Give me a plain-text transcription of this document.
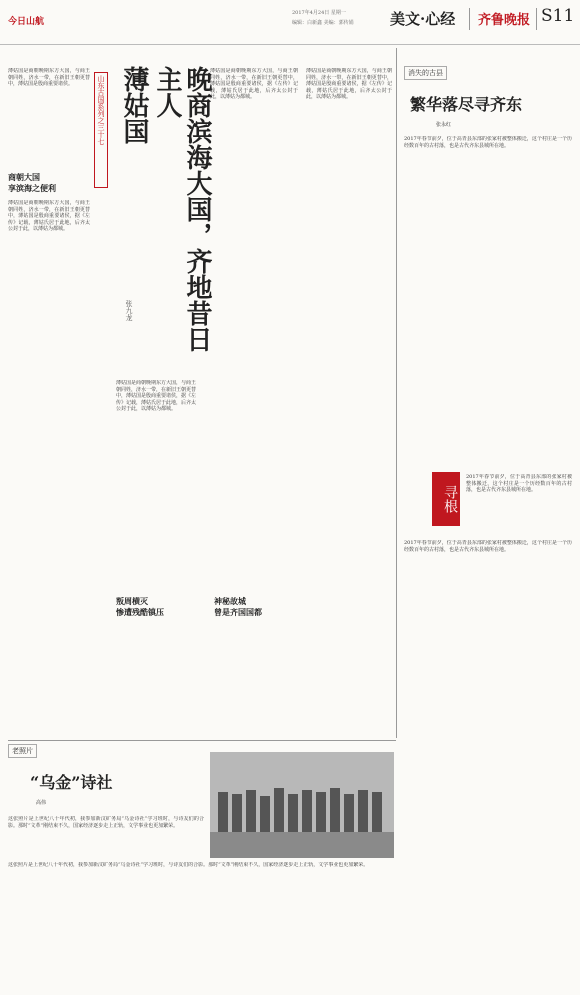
今日山航
2017年4月24日 星期一
编辑：白新鑫 美编：郭传娟 美文·心经 齐鲁晚报 S11
山东古国系列之三十七	晚商滨海大国，齐地昔日主人
薄姑国
张九龙
薄姑国是商朝晚期东方大国，与商王朝同姓，济水一带，在新旧王朝更替中，薄姑国是殷商重要诸侯。
商朝大国
享滨海之便利
薄姑国是商朝晚期东方大国，与商王朝同姓，济水一带，在新旧王朝更替中，薄姑国是殷商重要诸侯，据《左传》记载，薄姑氏居于此地，后齐太公封于此，以薄姑为都城。
薄姑国是商朝晚期东方大国，与商王朝同姓，济水一带，在新旧王朝更替中，薄姑国是殷商重要诸侯，据《左传》记载，薄姑氏居于此地，后齐太公封于此，以薄姑为都城。
叛周横灭
惨遭残酷镇压
薄姑国是商朝晚期东方大国，与商王朝同姓，济水一带，在新旧王朝更替中，薄姑国是殷商重要诸侯，据《左传》记载，薄姑氏居于此地，后齐太公封于此，以薄姑为都城。
神秘故城
曾是齐国国都
薄姑国是商朝晚期东方大国，与商王朝同姓，济水一带，在新旧王朝更替中，薄姑国是殷商重要诸侯，据《左传》记载，薄姑氏居于此地，后齐太公封于此，以薄姑为都城。
消失的古县
繁华落尽寻齐东
张永红
2017年春节前夕，位于高青县东部的张家村被整体搬迁，这个村庄是一个历经数百年的古村落，也是古代齐东县城所在地。
寻根
2017年春节前夕，位于高青县东部的张家村被整体搬迁，这个村庄是一个历经数百年的古村落，也是古代齐东县城所在地。
2017年春节前夕，位于高青县东部的张家村被整体搬迁，这个村庄是一个历经数百年的古村落，也是古代齐东县城所在地。
老照片
“乌金”诗社
高伟
这张照片是上世纪八十年代初，我参加新汶矿务局“乌金诗社”学习班时，与诗友们的合影。那时“文革”刚结束不久，国家经济逐步走上正轨，文学事业也更加繁荣。
这张照片是上世纪八十年代初，我参加新汶矿务局“乌金诗社”学习班时，与诗友们的合影。那时“文革”刚结束不久，国家经济逐步走上正轨，文学事业也更加繁荣。
